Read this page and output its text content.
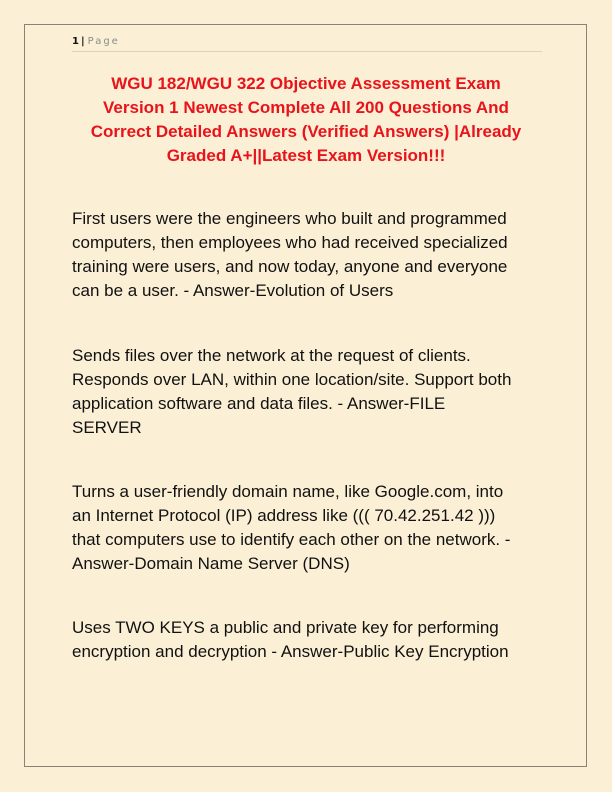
1 | Page
WGU 182/WGU 322 Objective Assessment Exam
Version 1 Newest Complete All 200 Questions And
Correct Detailed Answers (Verified Answers) |Already
Graded A+||Latest Exam Version!!!
First users were the engineers who built and programmed
computers, then employees who had received specialized
training were users, and now today, anyone and everyone
can be a user. - Answer-Evolution of Users
Sends files over the network at the request of clients.
Responds over LAN, within one location/site. Support both
application software and data files. - Answer-FILE
SERVER
Turns a user-friendly domain name, like Google.com, into
an Internet Protocol (IP) address like ((( 70.42.251.42 )))
that computers use to identify each other on the network. -
Answer-Domain Name Server (DNS)
Uses TWO KEYS a public and private key for performing
encryption and decryption - Answer-Public Key Encryption
